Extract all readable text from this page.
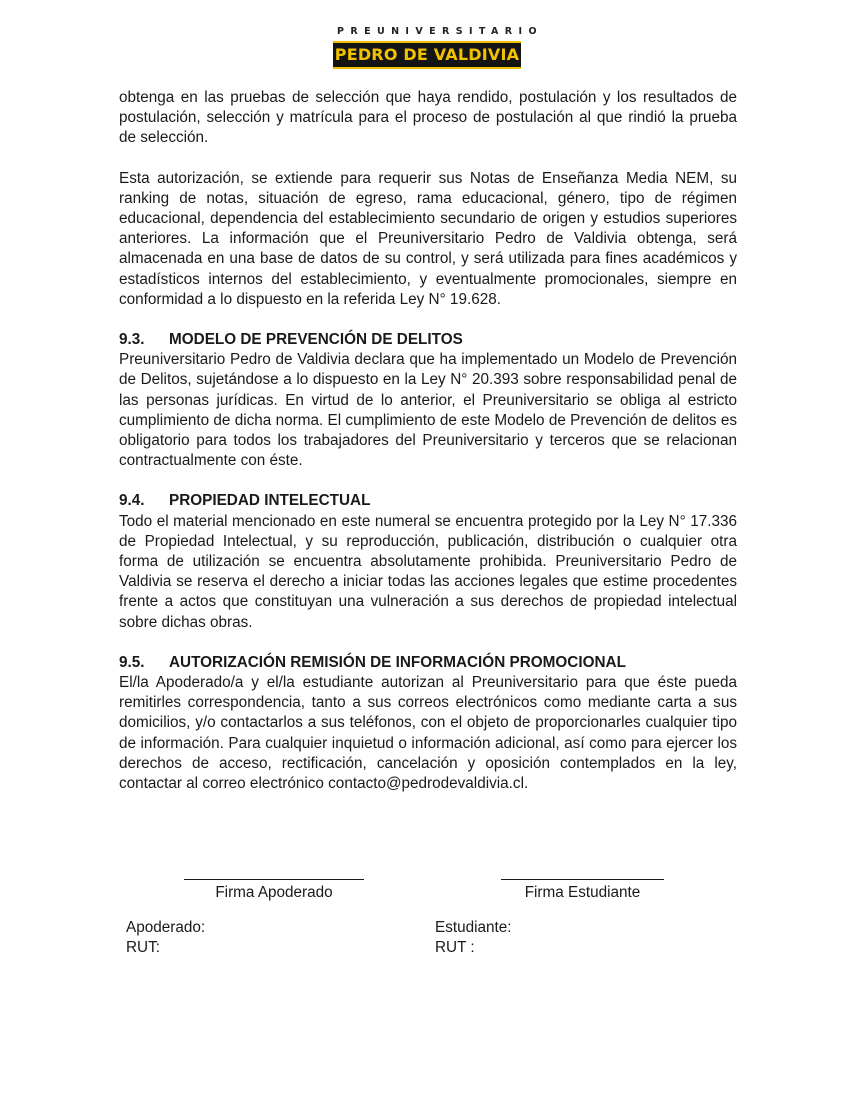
PREUNIVERSITARIO
PEDRO DE VALDIVIA

obtenga en las pruebas de selección que haya rendido, postulación y los resultados de postulación, selección y matrícula para el proceso de postulación al que rindió la prueba de selección.

Esta autorización, se extiende para requerir sus Notas de Enseñanza Media NEM, su ranking de notas, situación de egreso, rama educacional, género, tipo de régimen educacional, dependencia del establecimiento secundario de origen y estudios superiores anteriores. La información que el Preuniversitario Pedro de Valdivia obtenga, será almacenada en una base de datos de su control, y será utilizada para fines académicos y estadísticos internos del establecimiento, y eventualmente promocionales, siempre en conformidad a lo dispuesto en la referida Ley N° 19.628.

9.3. MODELO DE PREVENCIÓN DE DELITOS

Preuniversitario Pedro de Valdivia declara que ha implementado un Modelo de Prevención de Delitos, sujetándose a lo dispuesto en la Ley N° 20.393 sobre responsabilidad penal de las personas jurídicas. En virtud de lo anterior, el Preuniversitario se obliga al estricto cumplimiento de dicha norma. El cumplimiento de este Modelo de Prevención de delitos es obligatorio para todos los trabajadores del Preuniversitario y terceros que se relacionan contractualmente con éste.

9.4. PROPIEDAD INTELECTUAL

Todo el material mencionado en este numeral se encuentra protegido por la Ley N° 17.336 de Propiedad Intelectual, y su reproducción, publicación, distribución o cualquier otra forma de utilización se encuentra absolutamente prohibida. Preuniversitario Pedro de Valdivia se reserva el derecho a iniciar todas las acciones legales que estime procedentes frente a actos que constituyan una vulneración a sus derechos de propiedad intelectual sobre dichas obras.

9.5. AUTORIZACIÓN REMISIÓN DE INFORMACIÓN PROMOCIONAL

El/la Apoderado/a y el/la estudiante autorizan al Preuniversitario para que éste pueda remitirles correspondencia, tanto a sus correos electrónicos como mediante carta a sus domicilios, y/o contactarlos a sus teléfonos, con el objeto de proporcionarles cualquier tipo de información. Para cualquier inquietud o información adicional, así como para ejercer los derechos de acceso, rectificación, cancelación y oposición contemplados en la ley, contactar al correo electrónico contacto@pedrodevaldivia.cl.

Firma Apoderado	Firma Estudiante
Apoderado:
RUT:
Estudiante:
RUT :
